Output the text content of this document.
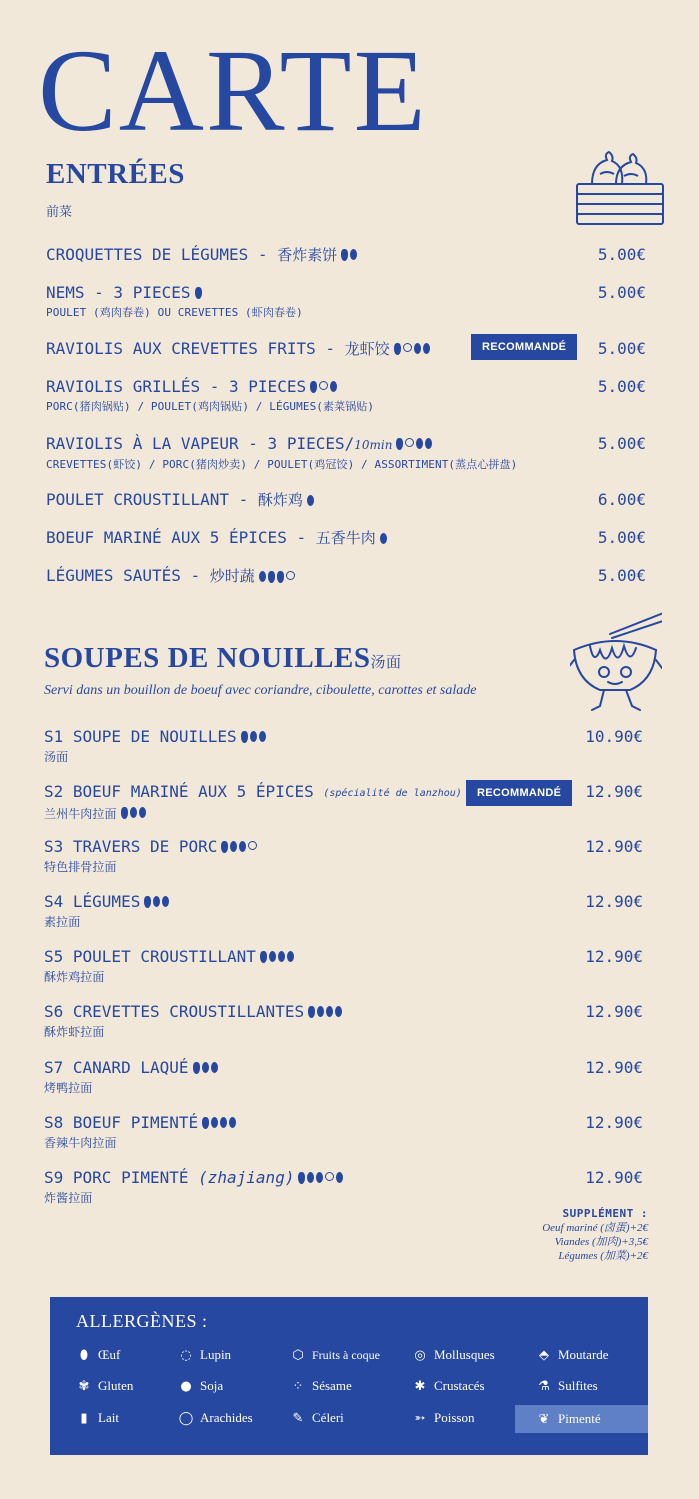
CARTE
ENTRÉES
前菜
CROQUETTES DE LÉGUMES - 香炸素饼	5.00€
NEMS - 3 PIECES
POULET (鸡肉春卷) OU CREVETTES (虾肉春卷)
5.00€
RAVIOLIS AUX CREVETTES FRITS - 龙虾饺	5.00€
RECOMMANDÉ
RAVIOLIS GRILLÉS - 3 PIECES
PORC(猪肉锅贴) / POULET(鸡肉锅贴) / LÉGUMES(素菜锅贴)
5.00€
RAVIOLIS À LA VAPEUR - 3 PIECES/10min
CREVETTES(虾饺) / PORC(猪肉炒卖) / POULET(鸡冠饺) / ASSORTIMENT(蒸点心拼盘)
5.00€
POULET CROUSTILLANT - 酥炸鸡	6.00€
BOEUF MARINÉ AUX 5 ÉPICES - 五香牛肉	5.00€
LÉGUMES SAUTÉS - 炒时蔬	5.00€
SOUPES DE NOUILLES汤面
Servi dans un bouillon de boeuf avec coriandre, ciboulette, carottes et salade
S1 SOUPE DE NOUILLES
汤面
10.90€
S2 BOEUF MARINÉ AUX 5 ÉPICES (spécialité de lanzhou)
兰州牛肉拉面
12.90€
RECOMMANDÉ
S3 TRAVERS DE PORC
特色排骨拉面
12.90€
S4 LÉGUMES
素拉面
12.90€
S5 POULET CROUSTILLANT
酥炸鸡拉面
12.90€
S6 CREVETTES CROUSTILLANTES
酥炸虾拉面
12.90€
S7 CANARD LAQUÉ
烤鸭拉面
12.90€
S8 BOEUF PIMENTÉ
香辣牛肉拉面
12.90€
S9 PORC PIMENTÉ (zhajiang)
炸酱拉面
12.90€
SUPPLÉMENT :
Oeuf mariné (卤蛋)+2€
Viandes (加肉)+3,5€
Légumes (加菜)+2€
ALLERGÈNES :
⬮ Œuf	◌ Lupin	⬡ Fruits à coque	◎ Mollusques	⬘ Moutarde
✾ Gluten	● Soja	⁘ Sésame	✱ Crustacés	⚗ Sulfites
▮ Lait	◯ Arachides	✎ Céleri	➳ Poisson	❦ Pimenté
